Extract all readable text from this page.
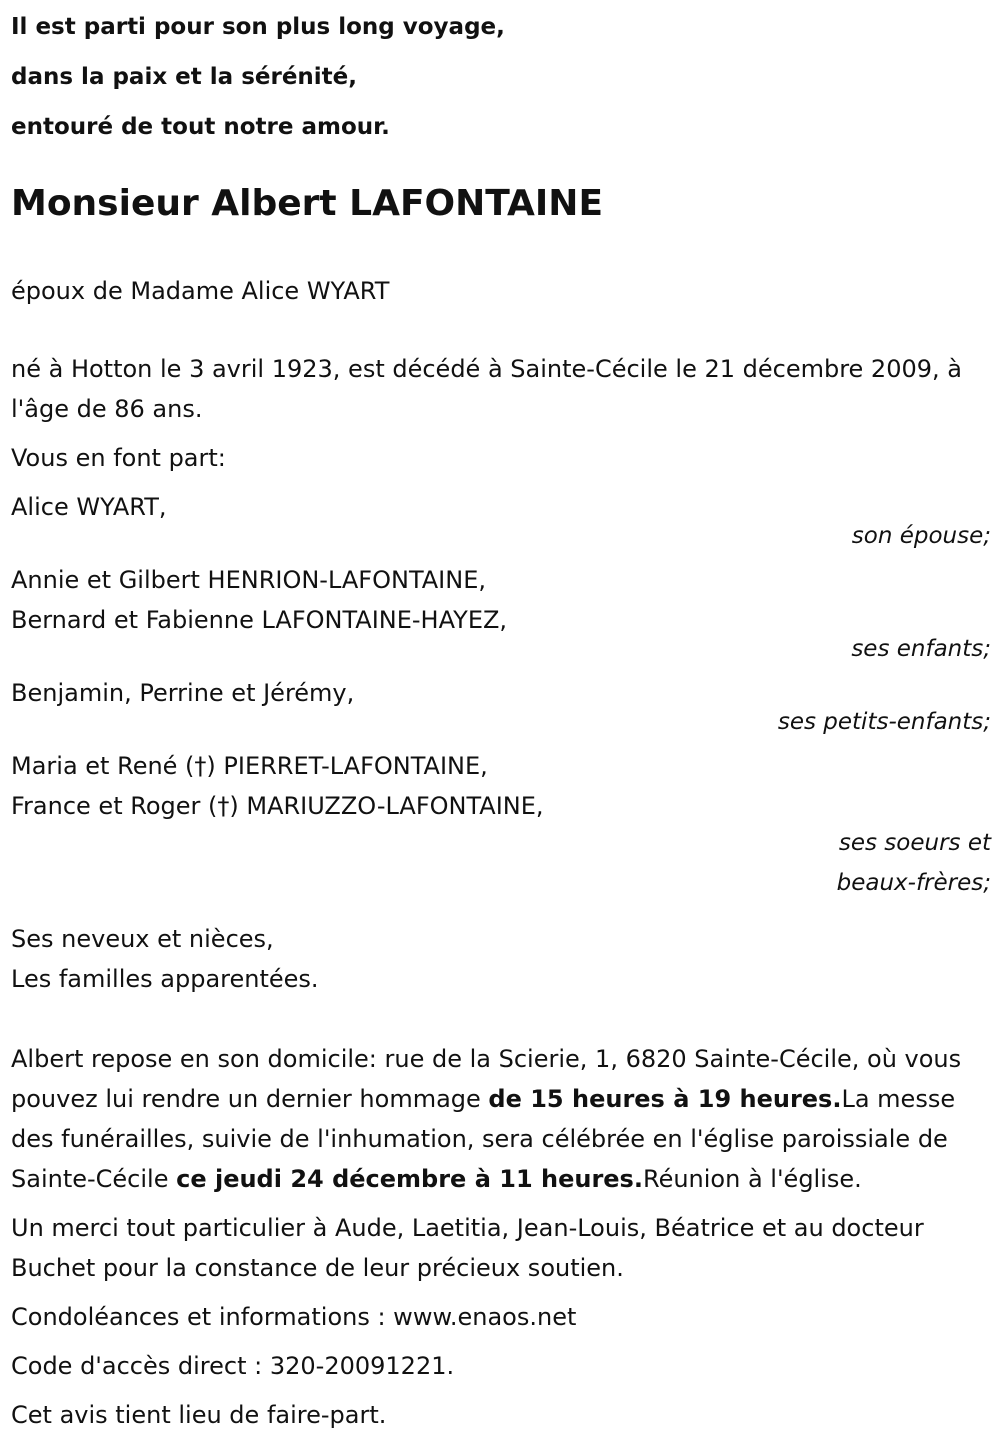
Il est parti pour son plus long voyage,
dans la paix et la sérénité,
entouré de tout notre amour.
Monsieur Albert LAFONTAINE
époux de Madame Alice WYART
né à Hotton le 3 avril 1923, est décédé à Sainte-Cécile le 21 décembre 2009, à l'âge de 86 ans.
Vous en font part:
Alice WYART,
son épouse;
Annie et Gilbert HENRION-LAFONTAINE,
Bernard et Fabienne LAFONTAINE-HAYEZ,
ses enfants;
Benjamin, Perrine et Jérémy,
ses petits-enfants;
Maria et René (†) PIERRET-LAFONTAINE,
France et Roger (†) MARIUZZO-LAFONTAINE,
ses soeurs et
beaux-frères;
Ses neveux et nièces,
Les familles apparentées.
Albert repose en son domicile: rue de la Scierie, 1, 6820 Sainte-Cécile, où vous pouvez lui rendre un dernier hommage de 15 heures à 19 heures.La messe des funérailles, suivie de l'inhumation, sera célébrée en l'église paroissiale de Sainte-Cécile ce jeudi 24 décembre à 11 heures.Réunion à l'église.
Un merci tout particulier à Aude, Laetitia, Jean-Louis, Béatrice et au docteur Buchet pour la constance de leur précieux soutien.
Condoléances et informations : www.enaos.net
Code d'accès direct : 320-20091221.
Cet avis tient lieu de faire-part.
